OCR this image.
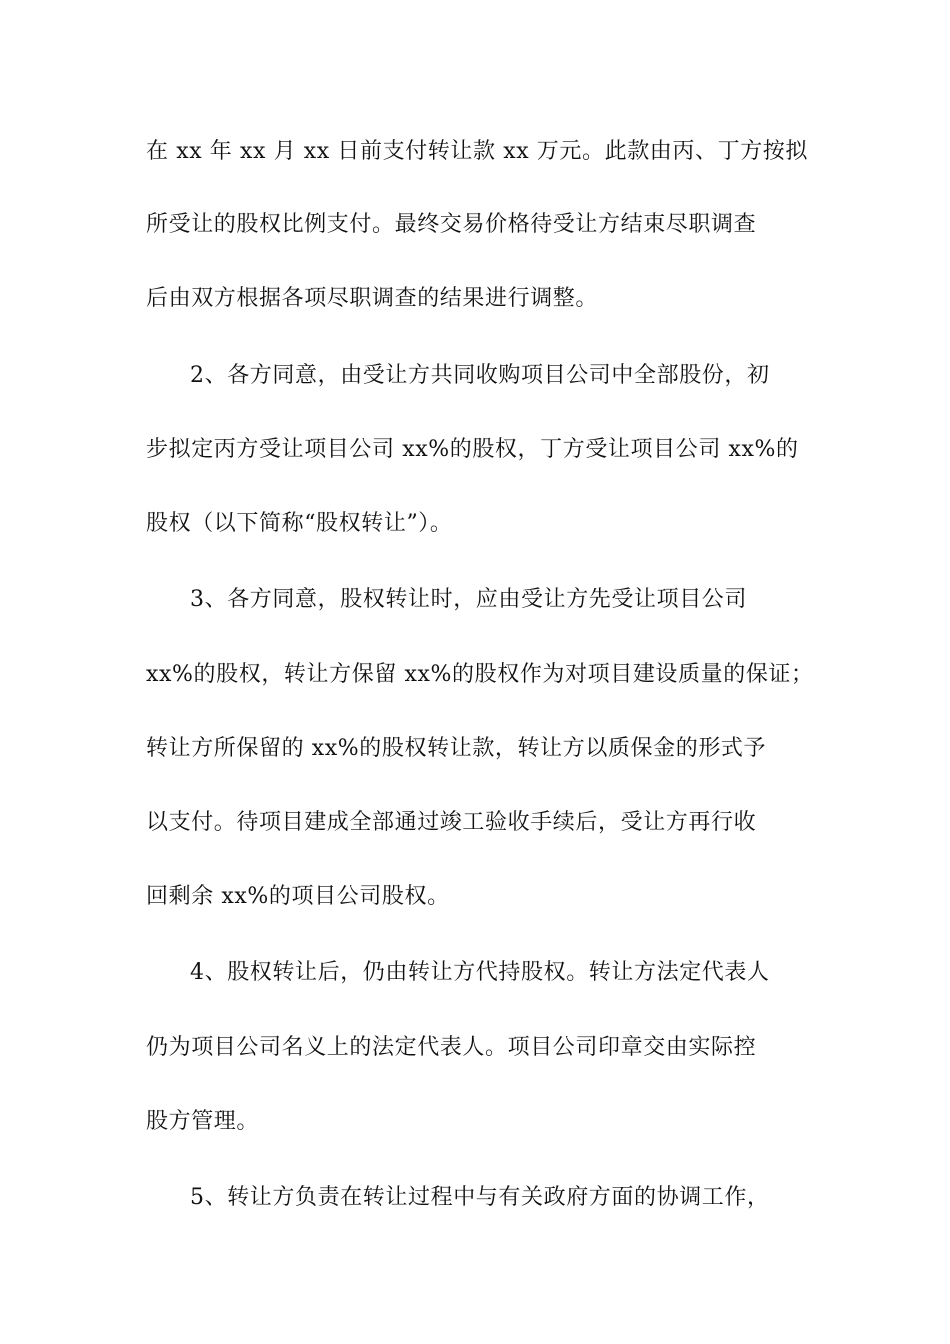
在 xx 年 xx 月 xx 日前支付转让款 xx 万元。此款由丙、丁方按拟
所受让的股权比例支付。最终交易价格待受让方结束尽职调查
后由双方根据各项尽职调查的结果进行调整。
2、各方同意，由受让方共同收购项目公司中全部股份，初
步拟定丙方受让项目公司 xx%的股权，丁方受让项目公司 xx%的
股权（以下简称“股权转让”）。
3、各方同意，股权转让时，应由受让方先受让项目公司
xx%的股权，转让方保留 xx%的股权作为对项目建设质量的保证；
转让方所保留的 xx%的股权转让款，转让方以质保金的形式予
以支付。待项目建成全部通过竣工验收手续后，受让方再行收
回剩余 xx%的项目公司股权。
4、股权转让后，仍由转让方代持股权。转让方法定代表人
仍为项目公司名义上的法定代表人。项目公司印章交由实际控
股方管理。
5、转让方负责在转让过程中与有关政府方面的协调工作，
